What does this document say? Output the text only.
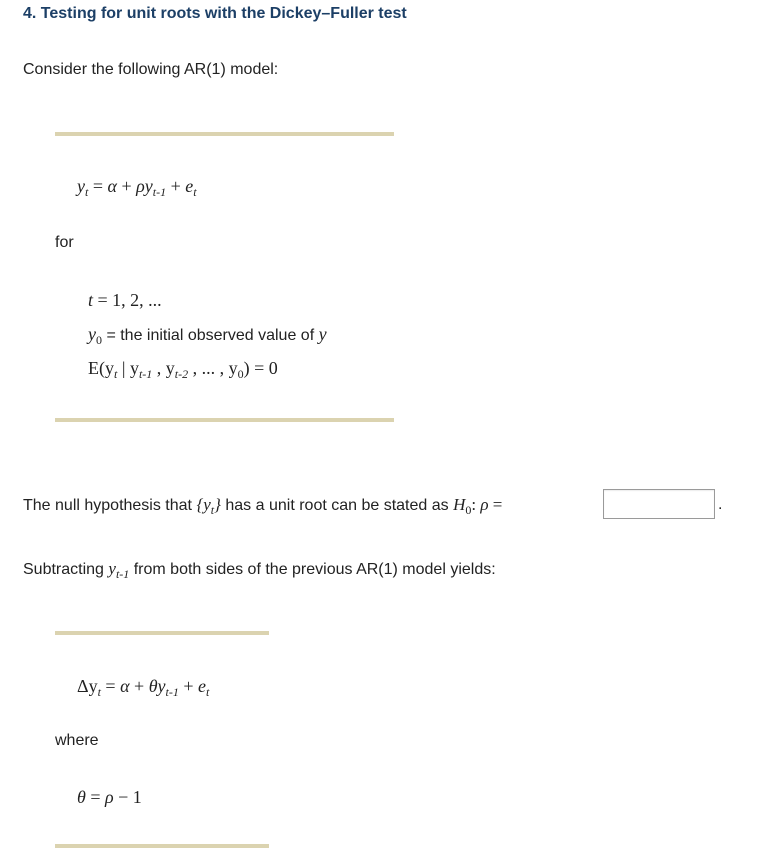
4. Testing for unit roots with the Dickey–Fuller test
Consider the following AR(1) model:
$y_t = \alpha + \rho y_{t-1} + e_t$
for
t = 1, 2, ...
$y_0$ = the initial observed value of y
$E(y_t$ | $y_{t-1}$ , $y_{t-2}$ , ... , $y_0) = 0$
The null hypothesis that $\{y_t\}$ has a unit root can be stated as $H_0$: ρ =	.
Subtracting $y_{t-1}$ from both sides of the previous AR(1) model yields:
$\Delta y_t = \alpha + \theta y_{t-1} + e_t$
where
θ = ρ − 1
